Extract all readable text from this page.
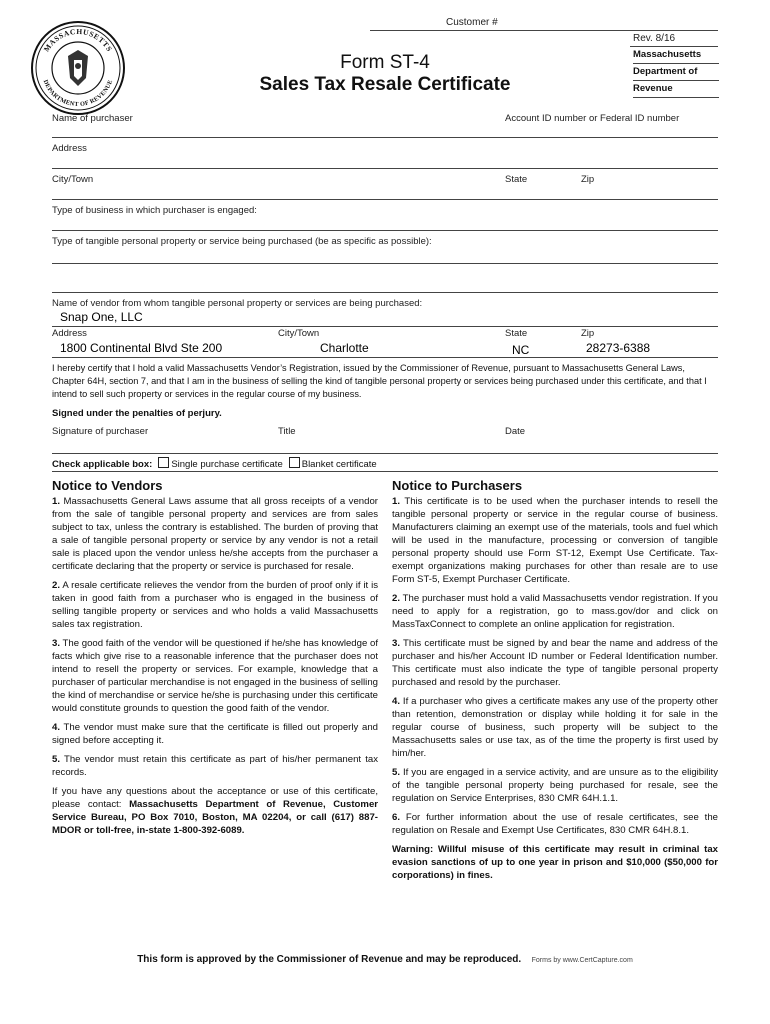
Customer #
MASSACHUSETTS
DEPARTMENT OF REVENUE
Form ST-4
Sales Tax Resale Certificate
Rev. 8/16
Massachusetts
Department of
Revenue
Name of purchaser	Account ID number or Federal ID number
Address
City/Town	State	Zip
Type of business in which purchaser is engaged:
Type of tangible personal property or service being purchased (be as specific as possible):
Name of vendor from whom tangible personal property or services are being purchased:
Snap One, LLC
Address	City/Town	State	Zip
1800 Continental Blvd Ste 200	Charlotte	NC	28273-6388
I hereby certify that I hold a valid Massachusetts Vendor’s Registration, issued by the Commissioner of Revenue, pursuant to Massachusetts General Laws, Chapter 64H, section 7, and that I am in the business of selling the kind of tangible personal property or services being purchased under this certificate, and that I intend to sell such property or services in the regular course of my business.
Signed under the penalties of perjury.
Signature of purchaser	Title	Date
Check applicable box: Single purchase certificate Blanket certificate
Notice to Vendors

1. Massachusetts General Laws assume that all gross receipts of a vendor from the sale of tangible personal property and services are from sales subject to tax, unless the contrary is established. The burden of proving that a sale of tangible personal property or service by any vendor is not a retail sale is placed upon the vendor unless he/she accepts from the purchaser a certificate declaring that the property or service is purchased for resale.

2. A resale certificate relieves the vendor from the burden of proof only if it is taken in good faith from a purchaser who is engaged in the business of selling tangible property or services and who holds a valid Massachusetts sales tax registration.

3. The good faith of the vendor will be questioned if he/she has knowledge of facts which give rise to a reasonable inference that the purchaser does not intend to resell the property or services. For example, knowledge that a purchaser of particular merchandise is not engaged in the business of selling the kind of merchandise or service he/she is purchasing under this certificate would constitute grounds to question the good faith of the vendor.

4. The vendor must make sure that the certificate is filled out properly and signed before accepting it.

5. The vendor must retain this certificate as part of his/her permanent tax records.

If you have any questions about the acceptance or use of this certificate, please contact: Massachusetts Department of Revenue, Customer Service Bureau, PO Box 7010, Boston, MA 02204, or call (617) 887-MDOR or toll-free, in-state 1-800-392-6089.

Notice to Purchasers

1. This certificate is to be used when the purchaser intends to resell the tangible personal property or service in the regular course of business. Manufacturers claiming an exempt use of the materials, tools and fuel which will be used in the manufacture, processing or conversion of tangible personal property should use Form ST-12, Exempt Use Certificate. Tax-exempt organizations making purchases for other than resale are to use Form ST-5, Exempt Purchaser Certificate.

2. The purchaser must hold a valid Massachusetts vendor registration. If you need to apply for a registration, go to mass.gov/dor and click on MassTaxConnect to complete an online application for registration.

3. This certificate must be signed by and bear the name and address of the purchaser and his/her Account ID number or Federal Identification number. This certificate must also indicate the type of tangible personal property purchased and resold by the purchaser.

4. If a purchaser who gives a certificate makes any use of the property other than retention, demonstration or display while holding it for sale in the regular course of business, such property will be subject to the Massachusetts sales or use tax, as of the time the property is first used by him/her.

5. If you are engaged in a service activity, and are unsure as to the eligibility of the tangible personal property being purchased for resale, see the regulation on Service Enterprises, 830 CMR 64H.1.1.

6. For further information about the use of resale certificates, see the regulation on Resale and Exempt Use Certificates, 830 CMR 64H.8.1.

Warning: Willful misuse of this certificate may result in criminal tax evasion sanctions of up to one year in prison and $10,000 ($50,000 for corporations) in fines.

This form is approved by the Commissioner of Revenue and may be reproduced. Forms by www.CertCapture.com
